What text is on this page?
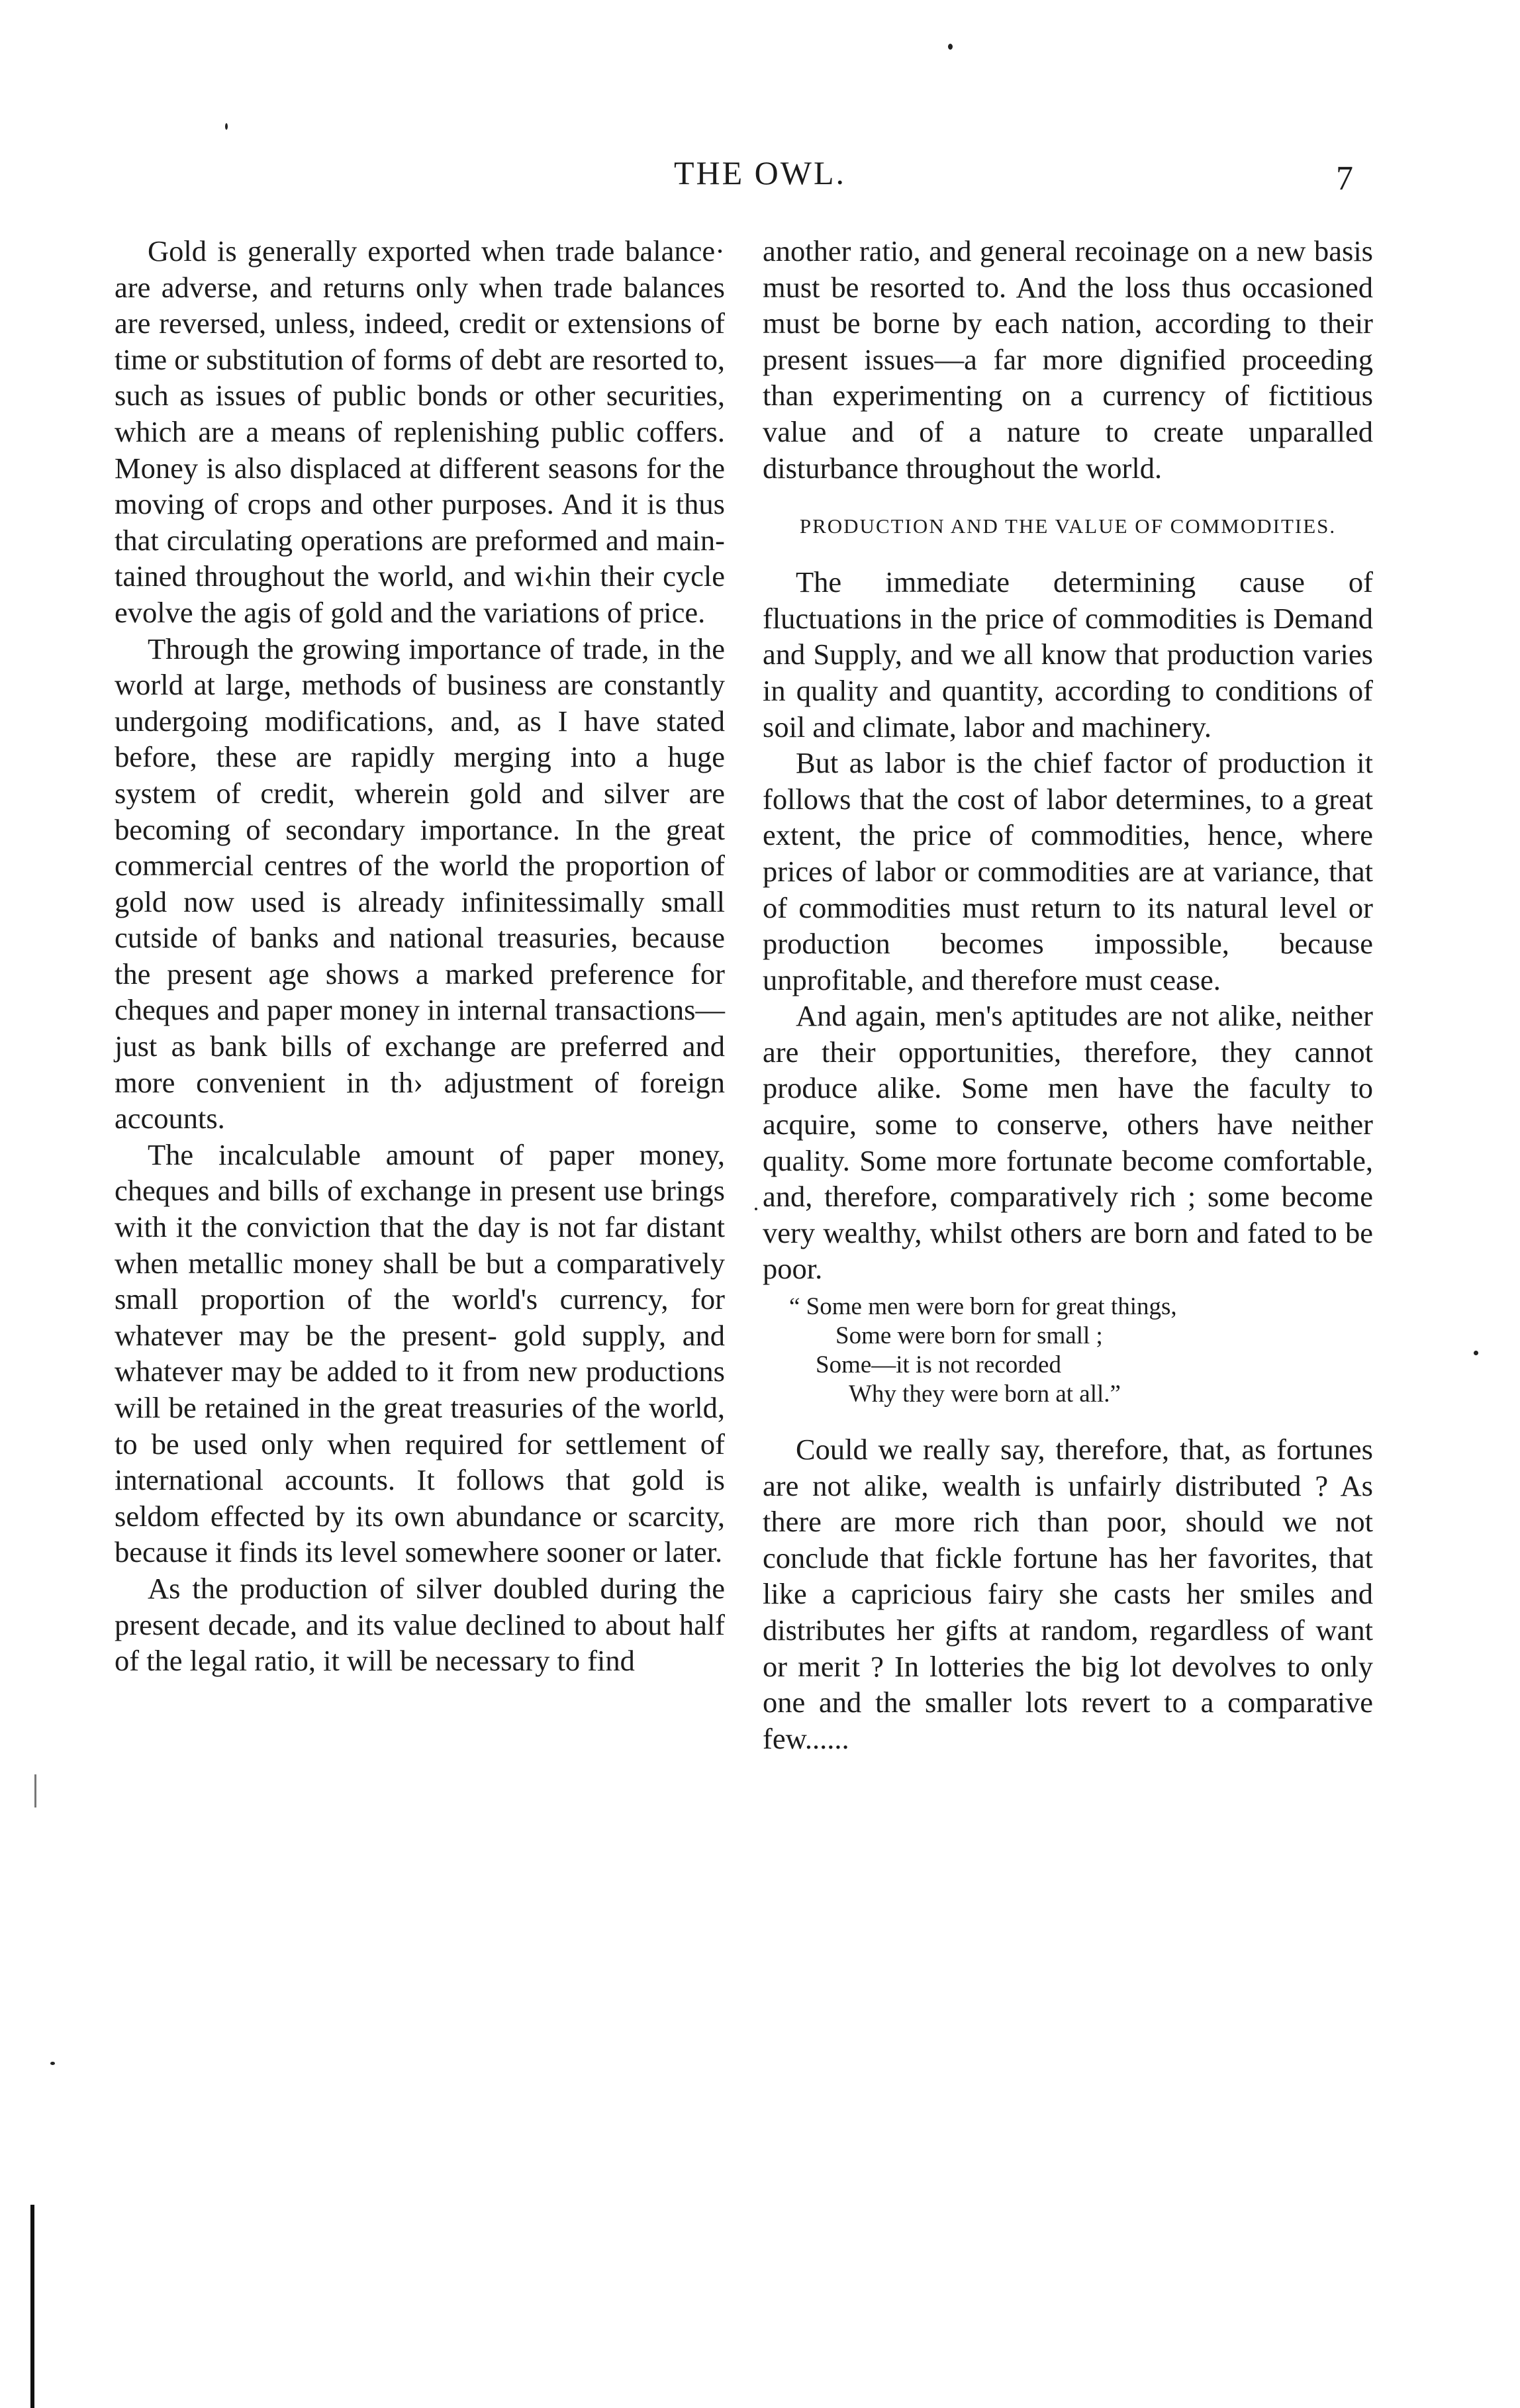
THE OWL.	7

Gold is generally exported when trade balance· are adverse, and returns only when trade balances are reversed, unless, indeed, credit or extensions of time or substitution of forms of debt are resorted to, such as issues of public bonds or other securities, which are a means of replenishing public coffers. Money is also displaced at different seasons for the moving of crops and other purposes. And it is thus that circulating operations are preformed and maintained throughout the world, and wi‹hin their cycle evolve the agis of gold and the variations of price.

Through the growing importance of trade, in the world at large, methods of business are constantly undergoing modifications, and, as I have stated before, these are rapidly merging into a huge system of credit, wherein gold and silver are becoming of secondary importance. In the great commercial centres of the world the proportion of gold now used is already infinitessimally small cutside of banks and national treasuries, because the present age shows a marked preference for cheques and paper money in internal transactions—just as bank bills of exchange are preferred and more convenient in th› adjustment of foreign accounts.

The incalculable amount of paper money, cheques and bills of exchange in present use brings with it the conviction that the day is not far distant when metallic money shall be but a comparatively small proportion of the world's currency, for whatever may be the present- gold supply, and whatever may be added to it from new productions will be retained in the great treasuries of the world, to be used only when required for settlement of international accounts. It follows that gold is seldom effected by its own abundance or scarcity, because it finds its level somewhere sooner or later.

As the production of silver doubled during the present decade, and its value declined to about half of the legal ratio, it will be necessary to find

another ratio, and general recoinage on a new basis must be resorted to. And the loss thus occasioned must be borne by each nation, according to their present issues—a far more dignified proceeding than experimenting on a currency of fictitious value and of a nature to create unparalled disturbance throughout the world.

PRODUCTION AND THE VALUE OF COMMODITIES.

The immediate determining cause of fluctuations in the price of commodities is Demand and Supply, and we all know that production varies in quality and quantity, according to conditions of soil and climate, labor and machinery.

But as labor is the chief factor of production it follows that the cost of labor determines, to a great extent, the price of commodities, hence, where prices of labor or commodities are at variance, that of commodities must return to its natural level or production becomes impossible, because unprofitable, and therefore must cease.

And again, men's aptitudes are not alike, neither are their opportunities, therefore, they cannot produce alike. Some men have the faculty to acquire, some to conserve, others have neither quality. Some more fortunate become comfortable, and, therefore, comparatively rich ; some become very wealthy, whilst others are born and fated to be poor.

“ Some men were born for great things,
Some were born for small ;
Some—it is not recorded
Why they were born at all.”

Could we really say, therefore, that, as fortunes are not alike, wealth is unfairly distributed ? As there are more rich than poor, should we not conclude that fickle fortune has her favorites, that like a capricious fairy she casts her smiles and distributes her gifts at random, regardless of want or merit ? In lotteries the big lot devolves to only one and the smaller lots revert to a comparative few......
